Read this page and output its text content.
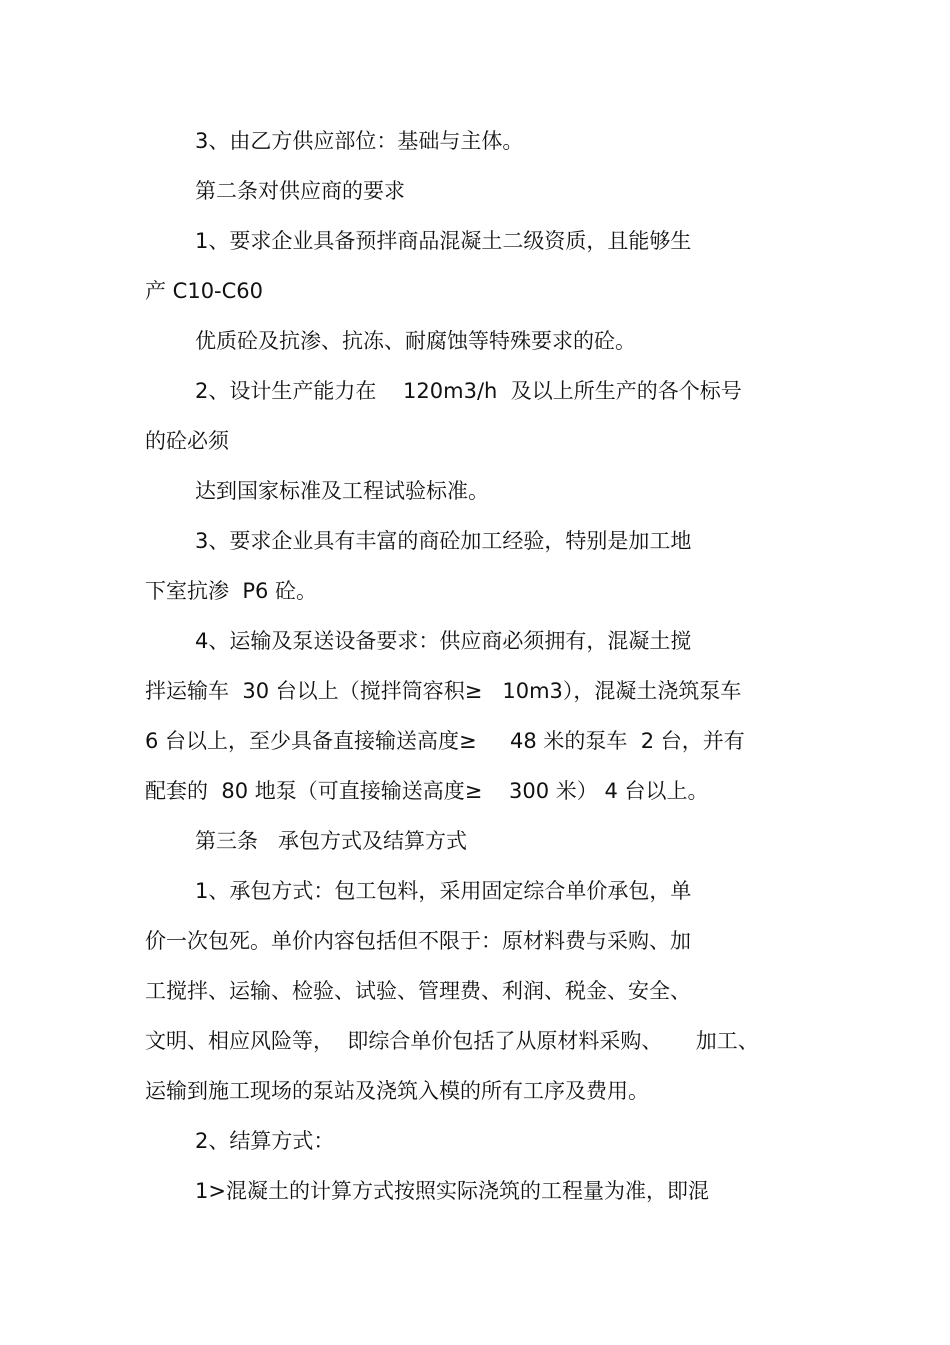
3、由乙方供应部位：基础与主体。
第二条对供应商的要求
1、要求企业具备预拌商品混凝土二级资质，且能够生
产 C10-C60
优质砼及抗渗、抗冻、耐腐蚀等特殊要求的砼。
2、设计生产能力在    120m3/h  及以上所生产的各个标号
的砼必须
达到国家标准及工程试验标准。
3、要求企业具有丰富的商砼加工经验，特别是加工地
下室抗渗  P6 砼。
4、运输及泵送设备要求：供应商必须拥有，混凝土搅
拌运输车  30 台以上（搅拌筒容积≥   10m3），混凝土浇筑泵车
6 台以上，至少具备直接输送高度≥     48 米的泵车  2 台，并有
配套的  80 地泵（可直接输送高度≥    300 米） 4 台以上。
第三条   承包方式及结算方式
1、承包方式：包工包料，采用固定综合单价承包，单
价一次包死。单价内容包括但不限于：原材料费与采购、加
工搅拌、运输、检验、试验、管理费、利润、税金、安全、
文明、相应风险等，  即综合单价包括了从原材料采购、     加工、
运输到施工现场的泵站及浇筑入模的所有工序及费用。
2、结算方式：
1>混凝土的计算方式按照实际浇筑的工程量为准，即混
